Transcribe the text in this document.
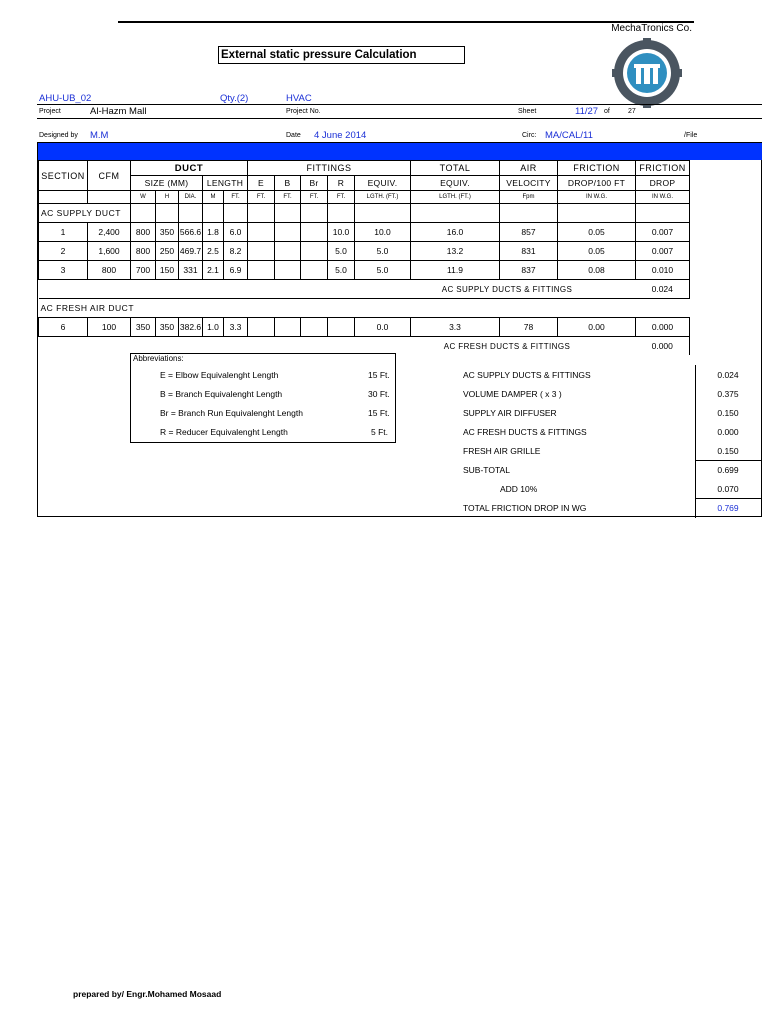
MechaTronics Co.
External static pressure Calculation
AHU-UB_02	Qty.(2)	HVAC
Project	Al-Hazm Mall	Project No.	Sheet	11/27 of	27
Designed by M.M	Date 4 June 2014	Circ: MA/CAL/11	/File
SECTION	CFM	DUCT					FITTINGS					TOTAL	AIR	FRICTION	FRICTION
		SIZE (MM)			LENGTH		E	B	Br	R	EQUIV.	EQUIV.	VELOCITY	DROP/100 FT	DROP
		W	H	DIA.	M	FT.	FT.	FT.	FT.	FT.	LGTH. (FT.)	LGTH. (FT.)	Fpm	IN W.G.	IN W.G.
AC SUPPLY DUCT															
1	2,400	800	350	566.6	1.8	6.0				10.0	10.0	16.0	857	0.05	0.007
2	1,600	800	250	469.7	2.5	8.2				5.0	5.0	13.2	831	0.05	0.007
3	800	700	150	331	2.1	6.9				5.0	5.0	11.9	837	0.08	0.010
AC SUPPLY DUCTS & FITTINGS															0.024
AC FRESH AIR DUCT															
6	100	350	350	382.6	1.0	3.3					0.0	3.3	78	0.00	0.000
AC FRESH DUCTS & FITTINGS															0.000
Abbreviations:
E = Elbow Equivalenght Length	15 Ft.
B = Branch Equivalenght Length	30 Ft.
Br = Branch Run Equivalenght Length	15 Ft.
R = Reducer Equivalenght Length	5 Ft.
AC SUPPLY DUCTS & FITTINGS	0.024
VOLUME DAMPER ( x 3 )	0.375
SUPPLY AIR DIFFUSER	0.150
AC FRESH DUCTS & FITTINGS	0.000
FRESH AIR GRILLE	0.150
SUB-TOTAL	0.699
ADD 10%	0.070
TOTAL FRICTION DROP IN WG	0.769
prepared by/ Engr.Mohamed Mosaad
